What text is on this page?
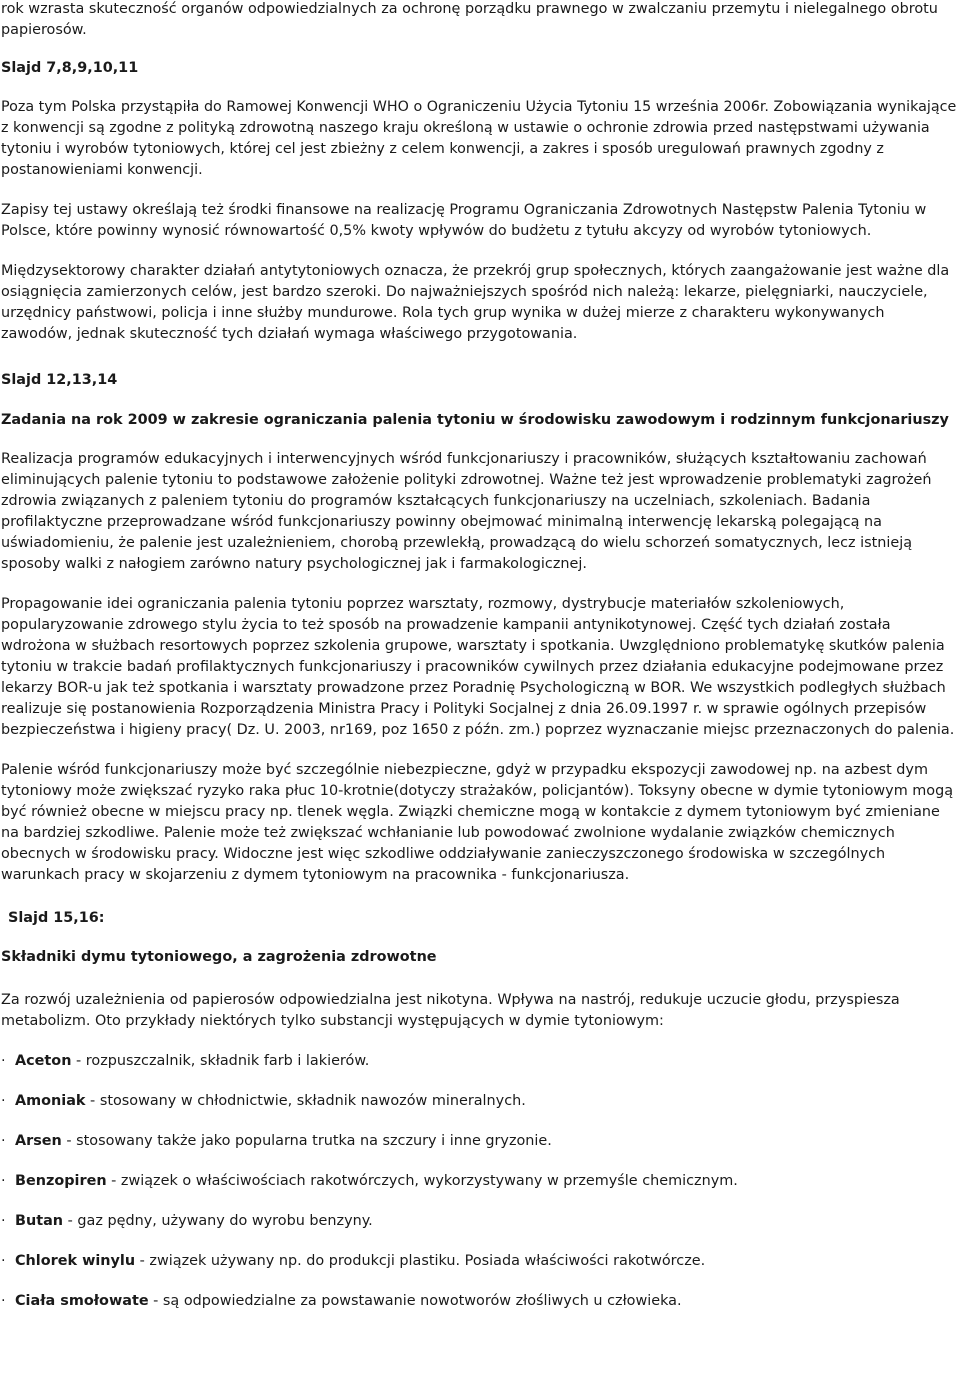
rok wzrasta skuteczność organów odpowiedzialnych za ochronę porządku prawnego w zwalczaniu przemytu i nielegalnego obrotu papierosów.

Slajd 7,8,9,10,11

Poza tym Polska przystąpiła do Ramowej Konwencji WHO o Ograniczeniu Użycia Tytoniu 15 września 2006r. Zobowiązania wynikające z konwencji są zgodne z polityką zdrowotną naszego kraju określoną w ustawie o ochronie zdrowia przed następstwami używania tytoniu i wyrobów tytoniowych, której cel jest zbieżny z celem konwencji, a zakres i sposób uregulowań prawnych zgodny z postanowieniami konwencji.

Zapisy tej ustawy określają też środki finansowe na realizację Programu Ograniczania Zdrowotnych Następstw Palenia Tytoniu w Polsce, które powinny wynosić równowartość 0,5% kwoty wpływów do budżetu z tytułu akcyzy od wyrobów tytoniowych.

Międzysektorowy charakter działań antytytoniowych oznacza, że przekrój grup społecznych, których zaangażowanie jest ważne dla osiągnięcia zamierzonych celów, jest bardzo szeroki. Do najważniejszych spośród nich należą: lekarze, pielęgniarki, nauczyciele, urzędnicy państwowi, policja i inne służby mundurowe. Rola tych grup wynika w dużej mierze z charakteru wykonywanych zawodów, jednak skuteczność tych działań wymaga właściwego przygotowania.

Slajd 12,13,14

Zadania na rok 2009 w zakresie ograniczania palenia tytoniu w środowisku zawodowym i rodzinnym funkcjonariuszy

Realizacja programów edukacyjnych i interwencyjnych wśród funkcjonariuszy i pracowników, służących kształtowaniu zachowań eliminujących palenie tytoniu to podstawowe założenie polityki zdrowotnej. Ważne też jest wprowadzenie problematyki zagrożeń zdrowia związanych z paleniem tytoniu do programów kształcących funkcjonariuszy na uczelniach, szkoleniach. Badania profilaktyczne przeprowadzane wśród funkcjonariuszy powinny obejmować minimalną interwencję lekarską polegającą na uświadomieniu, że palenie jest uzależnieniem, chorobą przewlekłą, prowadzącą do wielu schorzeń somatycznych, lecz istnieją sposoby walki z nałogiem zarówno natury psychologicznej jak i farmakologicznej.

Propagowanie idei ograniczania palenia tytoniu poprzez warsztaty, rozmowy, dystrybucje materiałów szkoleniowych, popularyzowanie zdrowego stylu życia to też sposób na prowadzenie kampanii antynikotynowej. Część tych działań została wdrożona w służbach resortowych poprzez szkolenia grupowe, warsztaty i spotkania. Uwzględniono problematykę skutków palenia tytoniu w trakcie badań profilaktycznych funkcjonariuszy i pracowników cywilnych przez działania edukacyjne podejmowane przez lekarzy BOR-u jak też spotkania i warsztaty prowadzone przez Poradnię Psychologiczną w BOR. We wszystkich podległych służbach realizuje się postanowienia Rozporządzenia Ministra Pracy i Polityki Socjalnej z dnia 26.09.1997 r. w sprawie ogólnych przepisów bezpieczeństwa i higieny pracy( Dz. U. 2003, nr169, poz 1650 z późn. zm.) poprzez wyznaczanie miejsc przeznaczonych do palenia.

Palenie wśród funkcjonariuszy może być szczególnie niebezpieczne, gdyż w przypadku ekspozycji zawodowej np. na azbest dym tytoniowy może zwiększać ryzyko raka płuc 10-krotnie(dotyczy strażaków, policjantów). Toksyny obecne w dymie tytoniowym mogą być również obecne w miejscu pracy np. tlenek węgla. Związki chemiczne mogą w kontakcie z dymem tytoniowym być zmieniane na bardziej szkodliwe. Palenie może też zwiększać wchłanianie lub powodować zwolnione wydalanie związków chemicznych obecnych w środowisku pracy. Widoczne jest więc szkodliwe oddziaływanie zanieczyszczonego środowiska w szczególnych warunkach pracy w skojarzeniu z dymem tytoniowym na pracownika - funkcjonariusza.

Slajd 15,16:

Składniki dymu tytoniowego, a zagrożenia zdrowotne

Za rozwój uzależnienia od papierosów odpowiedzialna jest nikotyna. Wpływa na nastrój, redukuje uczucie głodu, przyspiesza metabolizm. Oto przykłady niektórych tylko substancji występujących w dymie tytoniowym:

· Aceton - rozpuszczalnik, składnik farb i lakierów.

· Amoniak - stosowany w chłodnictwie, składnik nawozów mineralnych.

· Arsen - stosowany także jako popularna trutka na szczury i inne gryzonie.

· Benzopiren - związek o właściwościach rakotwórczych, wykorzystywany w przemyśle chemicznym.

· Butan - gaz pędny, używany do wyrobu benzyny.

· Chlorek winylu - związek używany np. do produkcji plastiku. Posiada właściwości rakotwórcze.

· Ciała smołowate - są odpowiedzialne za powstawanie nowotworów złośliwych u człowieka.
